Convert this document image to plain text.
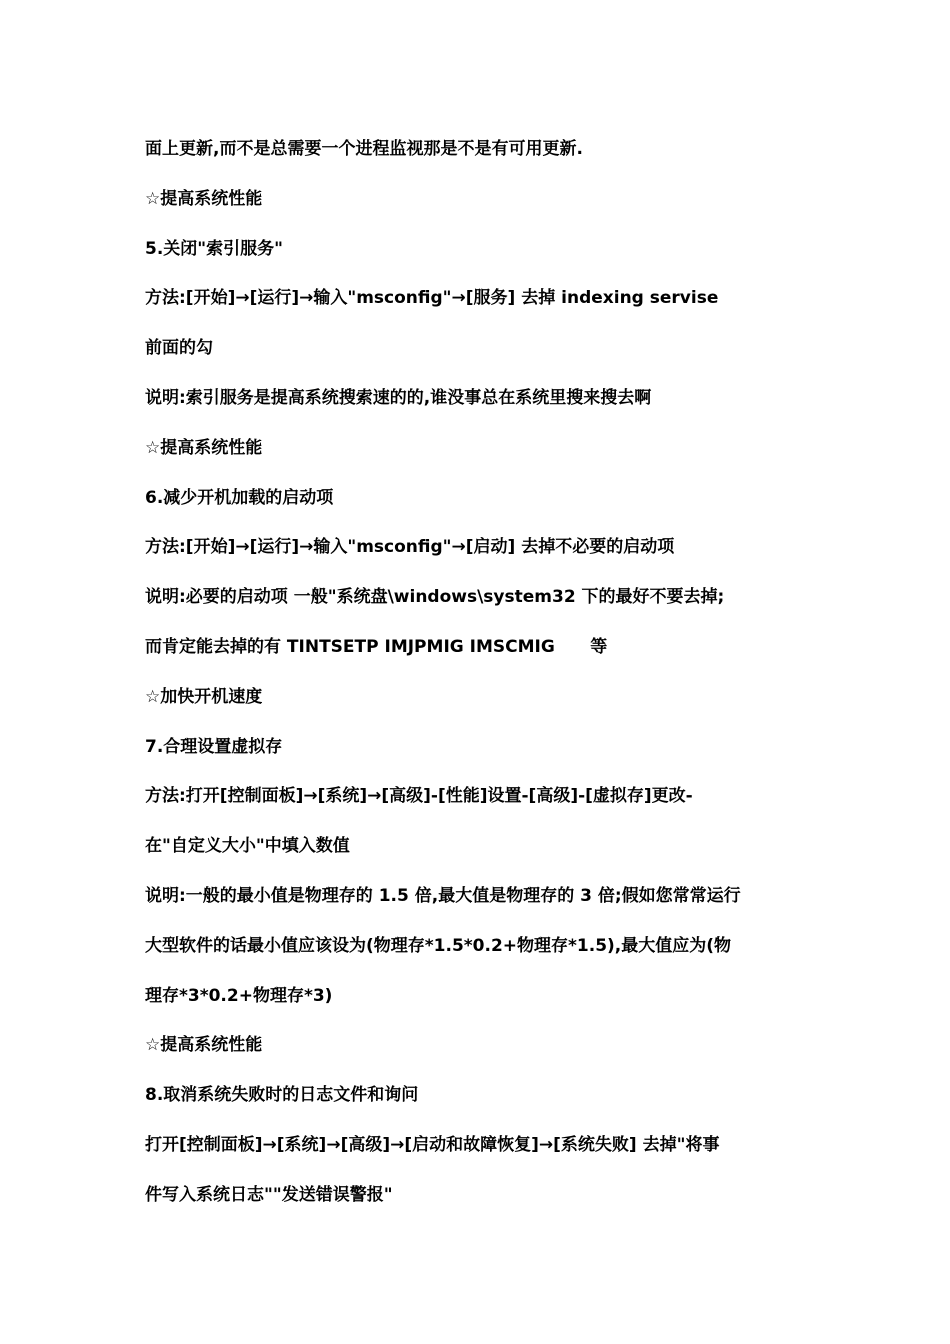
面上更新,而不是总需要一个进程监视那是不是有可用更新.
☆提高系统性能
5.关闭"索引服务"
方法:[开始]→[运行]→输入"msconfig"→[服务] 去掉 indexing servise
前面的勾
说明:索引服务是提高系统搜索速的的,谁没事总在系统里搜来搜去啊
☆提高系统性能
6.减少开机加载的启动项
方法:[开始]→[运行]→输入"msconfig"→[启动] 去掉不必要的启动项
说明:必要的启动项 一般"系统盘\windows\system32 下的最好不要去掉;
而肯定能去掉的有 TINTSETP IMJPMIG IMSCMIG      等
☆加快开机速度
7.合理设置虚拟存
方法:打开[控制面板]→[系统]→[高级]-[性能]设置-[高级]-[虚拟存]更改-
在"自定义大小"中填入数值
说明:一般的最小值是物理存的 1.5 倍,最大值是物理存的 3 倍;假如您常常运行
大型软件的话最小值应该设为(物理存*1.5*0.2+物理存*1.5),最大值应为(物
理存*3*0.2+物理存*3)
☆提高系统性能
8.取消系统失败时的日志文件和询问
打开[控制面板]→[系统]→[高级]→[启动和故障恢复]→[系统失败] 去掉"将事
件写入系统日志""发送错误警报"
